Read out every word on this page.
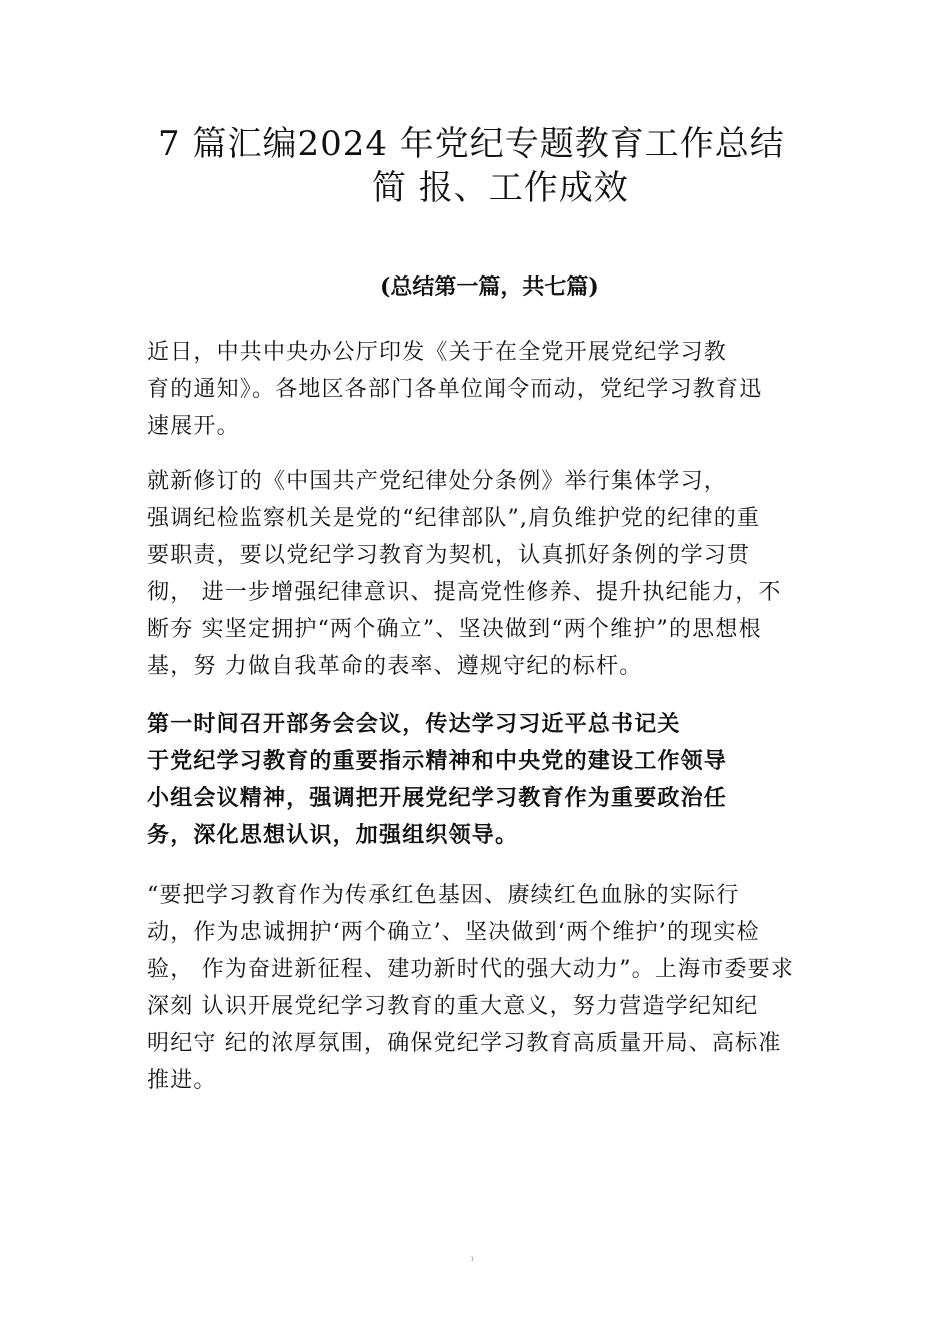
7 篇汇编2024 年党纪专题教育工作总结
简 报、工作成效
(总结第一篇，共七篇)
近日，中共中央办公厅印发《关于在全党开展党纪学习教
育的通知》。各地区各部门各单位闻令而动，党纪学习教育迅
速展开。
就新修订的《中国共产党纪律处分条例》举行集体学习，
强调纪检监察机关是党的“纪律部队”,肩负维护党的纪律的重
要职责，要以党纪学习教育为契机，认真抓好条例的学习贯
彻， 进一步增强纪律意识、提高党性修养、提升执纪能力，不
断夯 实坚定拥护“两个确立”、坚决做到“两个维护”的思想根
基，努 力做自我革命的表率、遵规守纪的标杆。
第一时间召开部务会会议，传达学习习近平总书记关
于党纪学习教育的重要指示精神和中央党的建设工作领导
小组会议精神，强调把开展党纪学习教育作为重要政治任
务，深化思想认识，加强组织领导。
“要把学习教育作为传承红色基因、赓续红色血脉的实际行
动，作为忠诚拥护‘两个确立’、坚决做到‘两个维护’的现实检
验， 作为奋进新征程、建功新时代的强大动力”。上海市委要求
深刻 认识开展党纪学习教育的重大意义，努力营造学纪知纪
明纪守 纪的浓厚氛围，确保党纪学习教育高质量开局、高标准
推进。
ı
